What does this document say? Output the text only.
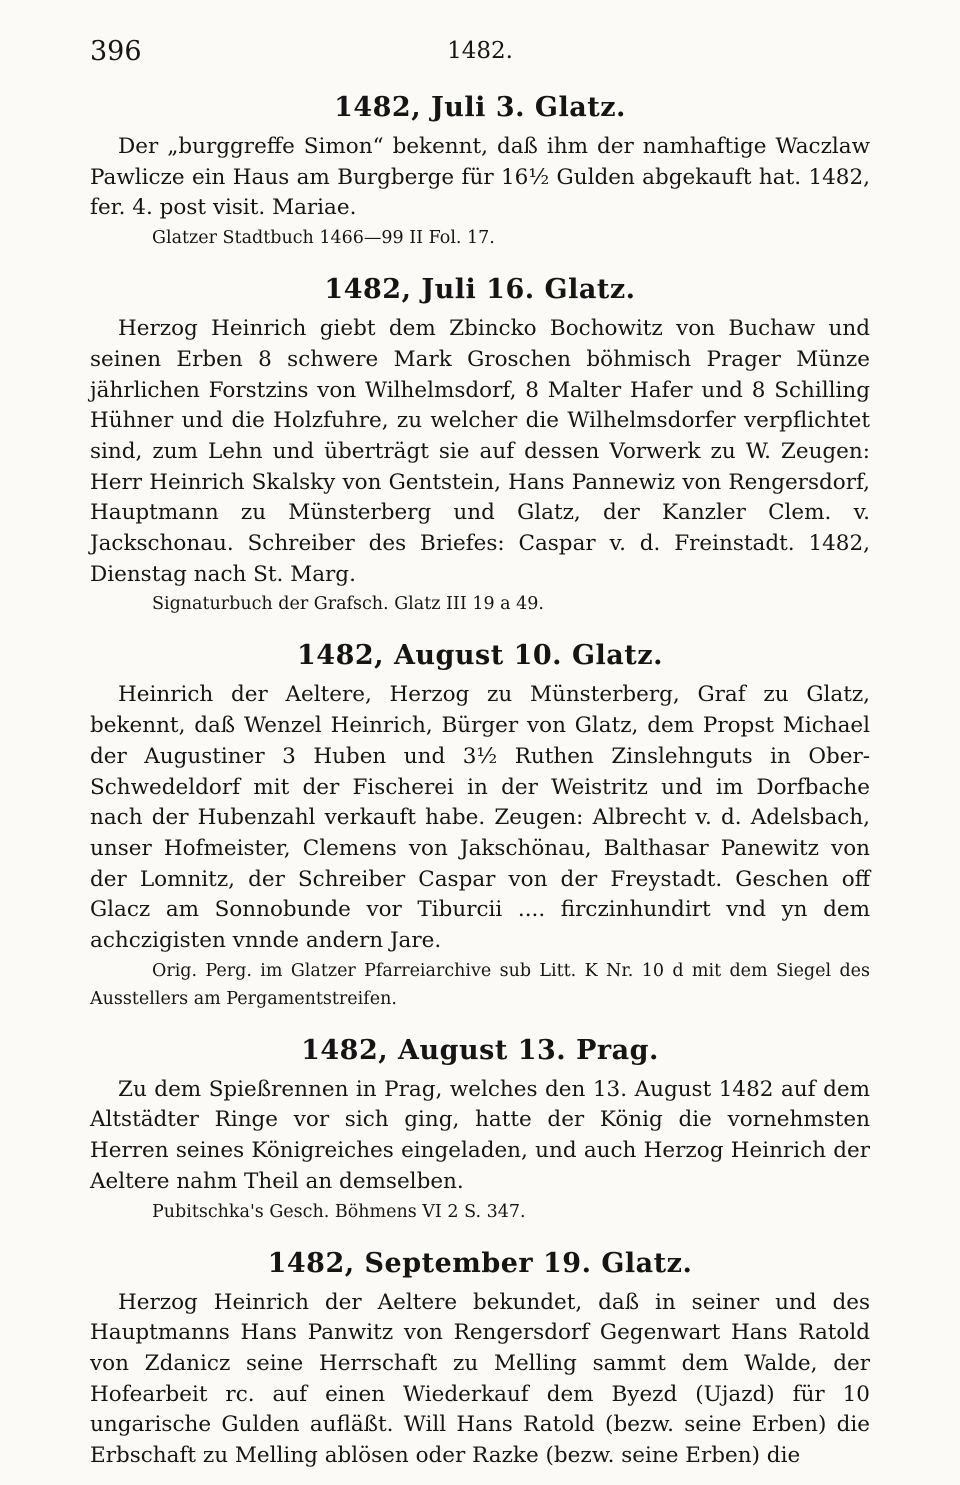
396	1482.
1482, Juli 3. Glatz.

Der „burggreffe Simon“ bekennt, daß ihm der namhaftige Waczlaw Pawlicze ein Haus am Burgberge für 16½ Gulden abgekauft hat. 1482, fer. 4. post visit. Mariae.

Glatzer Stadtbuch 1466—99 II Fol. 17.

1482, Juli 16. Glatz.

Herzog Heinrich giebt dem Zbincko Bochowitz von Buchaw und seinen Erben 8 schwere Mark Groschen böhmisch Prager Münze jährlichen Forstzins von Wilhelmsdorf, 8 Malter Hafer und 8 Schilling Hühner und die Holzfuhre, zu welcher die Wilhelmsdorfer verpflichtet sind, zum Lehn und überträgt sie auf dessen Vorwerk zu W. Zeugen: Herr Heinrich Skalsky von Gentstein, Hans Pannewiz von Rengersdorf, Hauptmann zu Münsterberg und Glatz, der Kanzler Clem. v. Jackschonau. Schreiber des Briefes: Caspar v. d. Freinstadt. 1482, Dienstag nach St. Marg.

Signaturbuch der Grafsch. Glatz III 19 a 49.

1482, August 10. Glatz.

Heinrich der Aeltere, Herzog zu Münsterberg, Graf zu Glatz, bekennt, daß Wenzel Heinrich, Bürger von Glatz, dem Propst Michael der Augustiner 3 Huben und 3½ Ruthen Zinslehnguts in Ober-Schwedeldorf mit der Fischerei in der Weistritz und im Dorfbache nach der Hubenzahl verkauft habe. Zeugen: Albrecht v. d. Adelsbach, unser Hofmeister, Clemens von Jakschönau, Balthasar Panewitz von der Lomnitz, der Schreiber Caspar von der Freystadt. Geschen off Glacz am Sonnobunde vor Tiburcii .... firczinhundirt vnd yn dem achczigisten vnnde andern Jare.

Orig. Perg. im Glatzer Pfarreiarchive sub Litt. K Nr. 10 d mit dem Siegel des Ausstellers am Pergamentstreifen.

1482, August 13. Prag.

Zu dem Spießrennen in Prag, welches den 13. August 1482 auf dem Altstädter Ringe vor sich ging, hatte der König die vornehmsten Herren seines Königreiches eingeladen, und auch Herzog Heinrich der Aeltere nahm Theil an demselben.

Pubitschka's Gesch. Böhmens VI 2 S. 347.

1482, September 19. Glatz.

Herzog Heinrich der Aeltere bekundet, daß in seiner und des Hauptmanns Hans Panwitz von Rengersdorf Gegenwart Hans Ratold von Zdanicz seine Herrschaft zu Melling sammt dem Walde, der Hofearbeit rc. auf einen Wiederkauf dem Byezd (Ujazd) für 10 ungarische Gulden aufläßt. Will Hans Ratold (bezw. seine Erben) die Erbschaft zu Melling ablösen oder Razke (bezw. seine Erben) die
